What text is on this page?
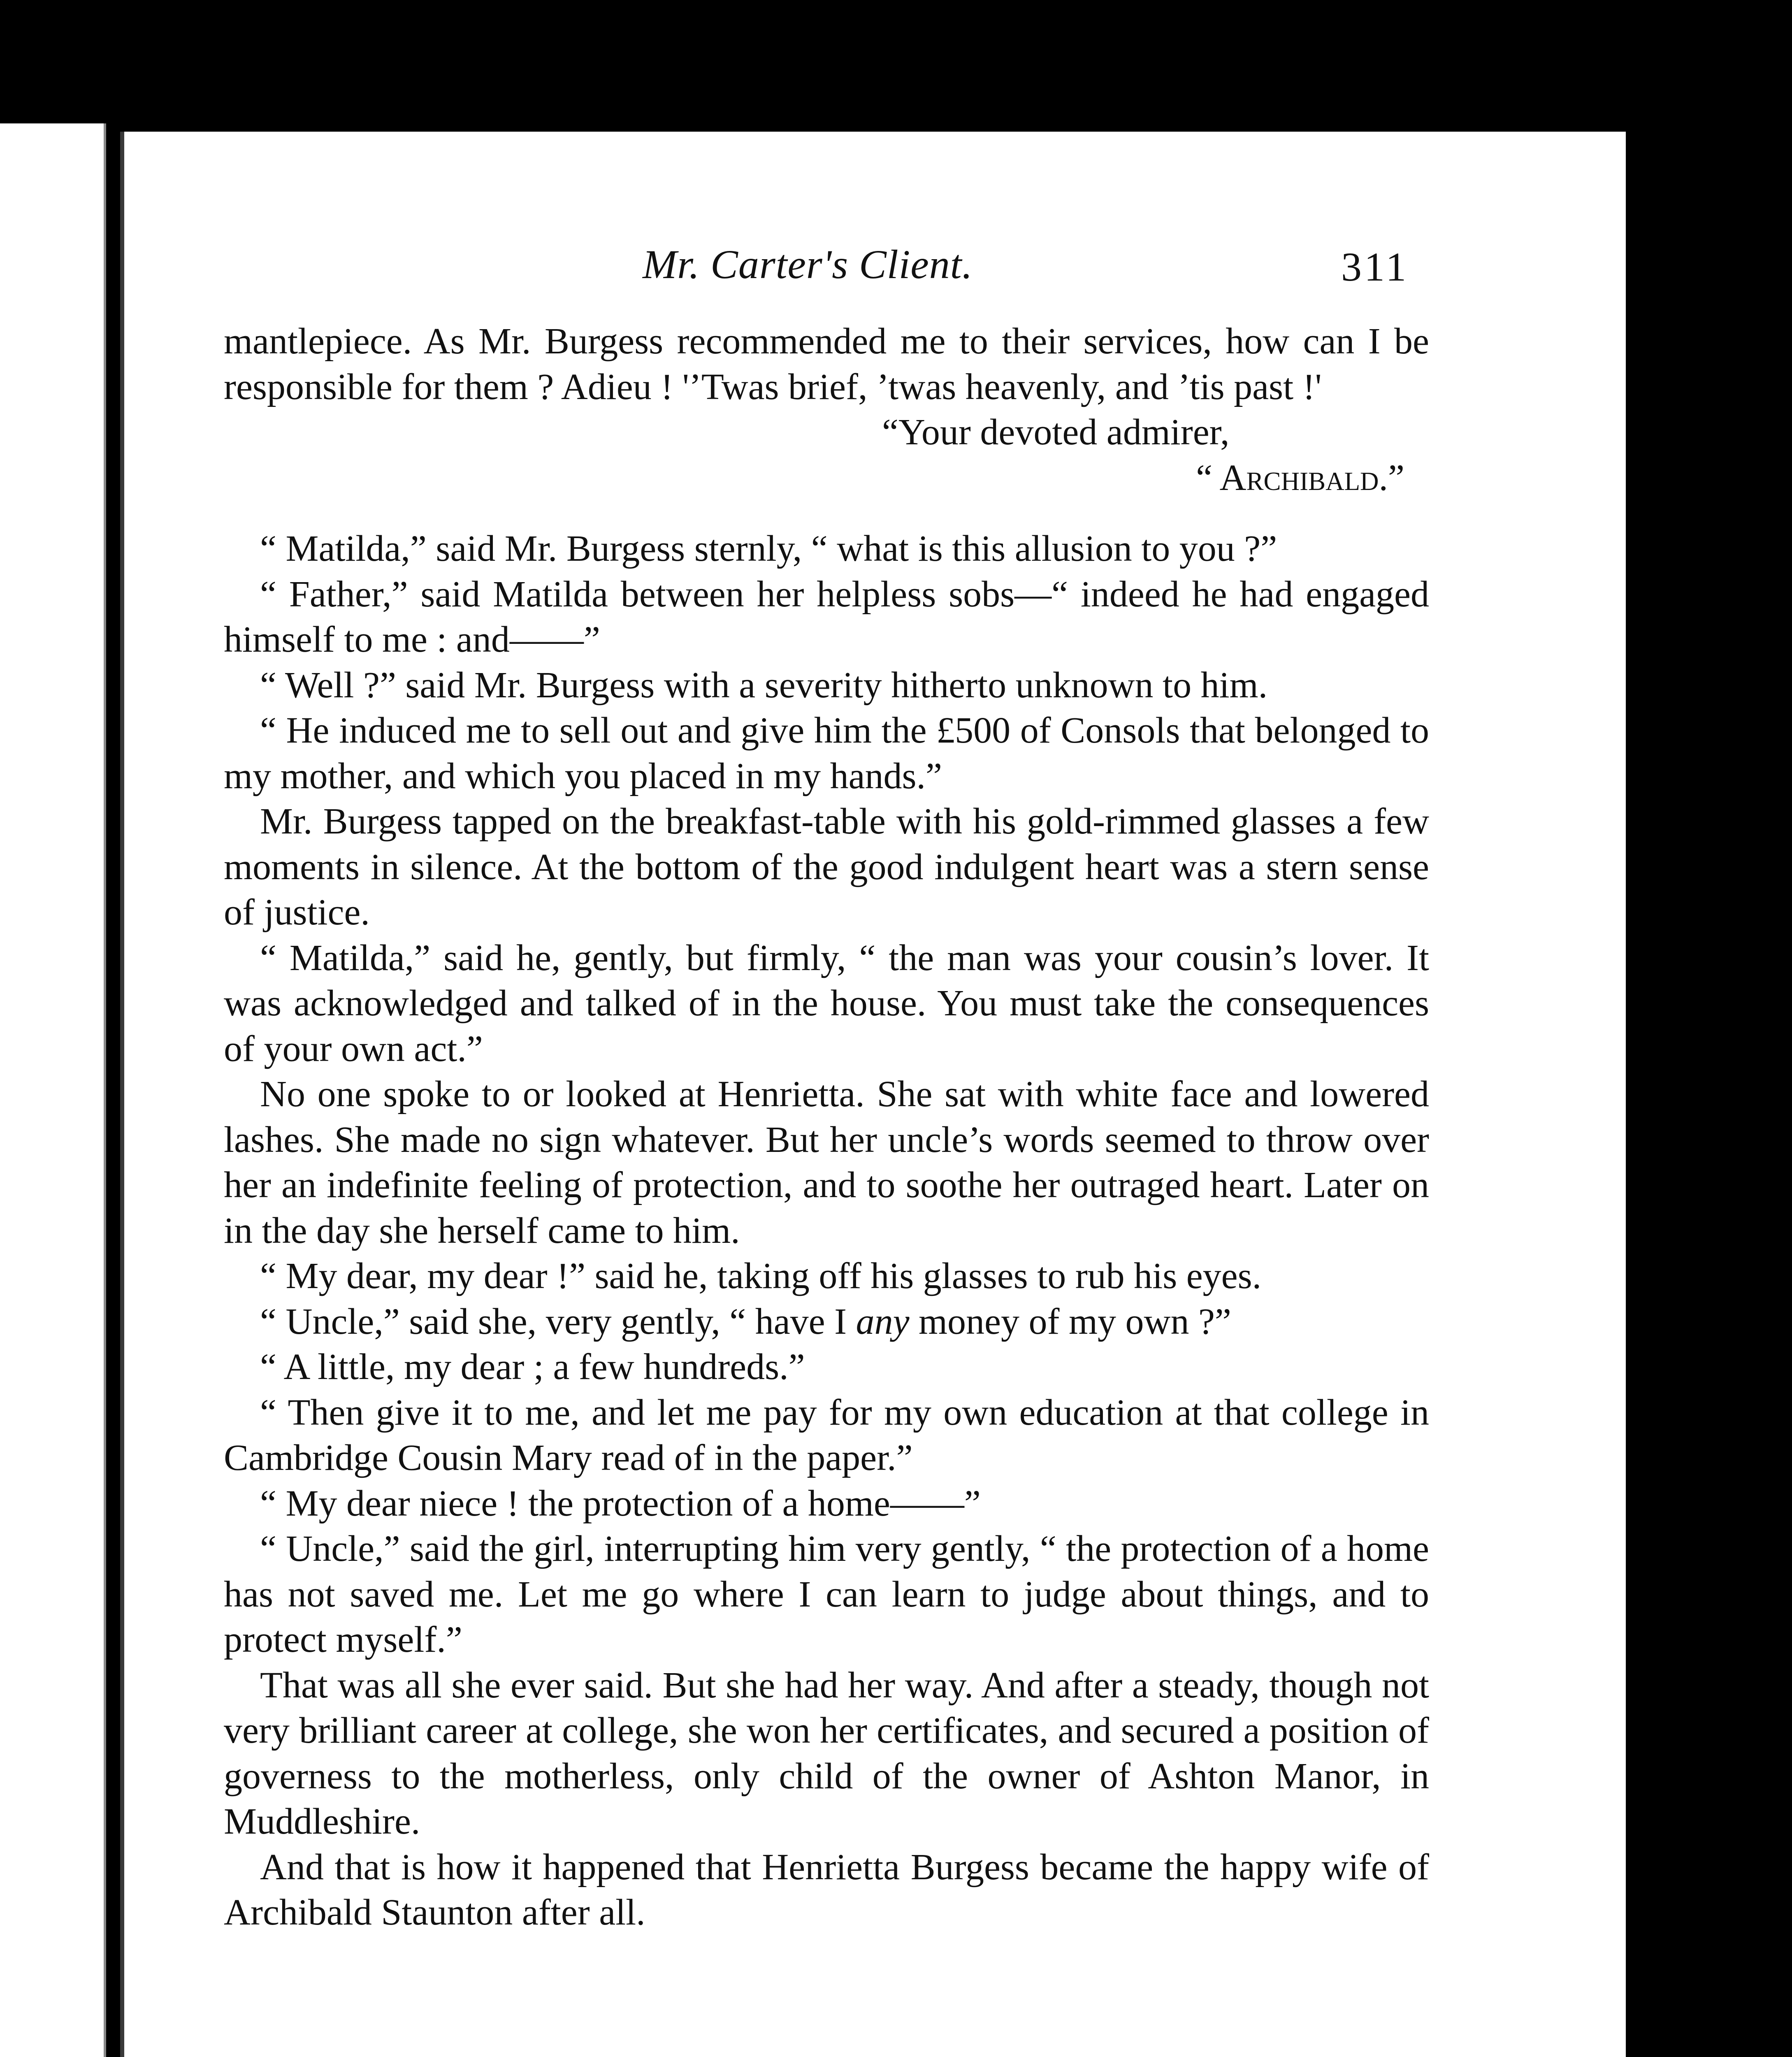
Mr. Carter's Client.	311

mantlepiece. As Mr. Burgess recommended me to their services, how can I be responsible for them ? Adieu ! '’Twas brief, ’twas heavenly, and ’tis past !'

“Your devoted admirer,

“ Archibald.”

“ Matilda,” said Mr. Burgess sternly, “ what is this allusion to you ?”

“ Father,” said Matilda between her helpless sobs—“ indeed he had engaged himself to me : and——”

“ Well ?” said Mr. Burgess with a severity hitherto unknown to him.

“ He induced me to sell out and give him the £500 of Consols that belonged to my mother, and which you placed in my hands.”

Mr. Burgess tapped on the breakfast-table with his gold-rimmed glasses a few moments in silence. At the bottom of the good indulgent heart was a stern sense of justice.

“ Matilda,” said he, gently, but firmly, “ the man was your cousin’s lover. It was acknowledged and talked of in the house. You must take the consequences of your own act.”

No one spoke to or looked at Henrietta. She sat with white face and lowered lashes. She made no sign whatever. But her uncle’s words seemed to throw over her an indefinite feeling of protection, and to soothe her outraged heart. Later on in the day she herself came to him.

“ My dear, my dear !” said he, taking off his glasses to rub his eyes.

“ Uncle,” said she, very gently, “ have I any money of my own ?”

“ A little, my dear ; a few hundreds.”

“ Then give it to me, and let me pay for my own education at that college in Cambridge Cousin Mary read of in the paper.”

“ My dear niece ! the protection of a home——”

“ Uncle,” said the girl, interrupting him very gently, “ the protection of a home has not saved me. Let me go where I can learn to judge about things, and to protect myself.”

That was all she ever said. But she had her way. And after a steady, though not very brilliant career at college, she won her certificates, and secured a position of governess to the motherless, only child of the owner of Ashton Manor, in Muddleshire.

And that is how it happened that Henrietta Burgess became the happy wife of Archibald Staunton after all.
